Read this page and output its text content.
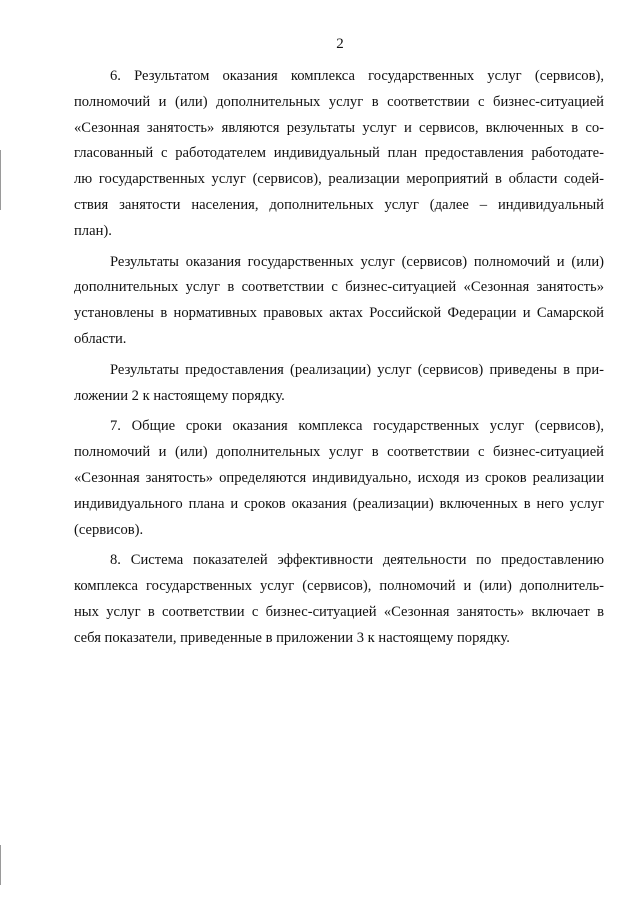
2
6. Результатом оказания комплекса государственных услуг (сервисов),
полномочий и (или) дополнительных услуг в соответствии с бизнес-ситуацией
«Сезонная занятость» являются результаты услуг и сервисов, включенных в со-
гласованный с работодателем индивидуальный план предоставления работодате-
лю государственных услуг (сервисов), реализации мероприятий в области содей-
ствия занятости населения, дополнительных услуг (далее – индивидуальный
план).
Результаты оказания государственных услуг (сервисов) полномочий и (или)
дополнительных услуг в соответствии с бизнес-ситуацией «Сезонная занятость»
установлены в нормативных правовых актах Российской Федерации и Самарской
области.
Результаты предоставления (реализации) услуг (сервисов) приведены в при-
ложении 2 к настоящему порядку.
7. Общие сроки оказания комплекса государственных услуг (сервисов),
полномочий и (или) дополнительных услуг в соответствии с бизнес-ситуацией
«Сезонная занятость» определяются индивидуально, исходя из сроков реализации
индивидуального плана и сроков оказания (реализации) включенных в него услуг
(сервисов).
8. Система показателей эффективности деятельности по предоставлению
комплекса государственных услуг (сервисов), полномочий и (или) дополнитель-
ных услуг в соответствии с бизнес-ситуацией «Сезонная занятость» включает в
себя показатели, приведенные в приложении 3 к настоящему порядку.
